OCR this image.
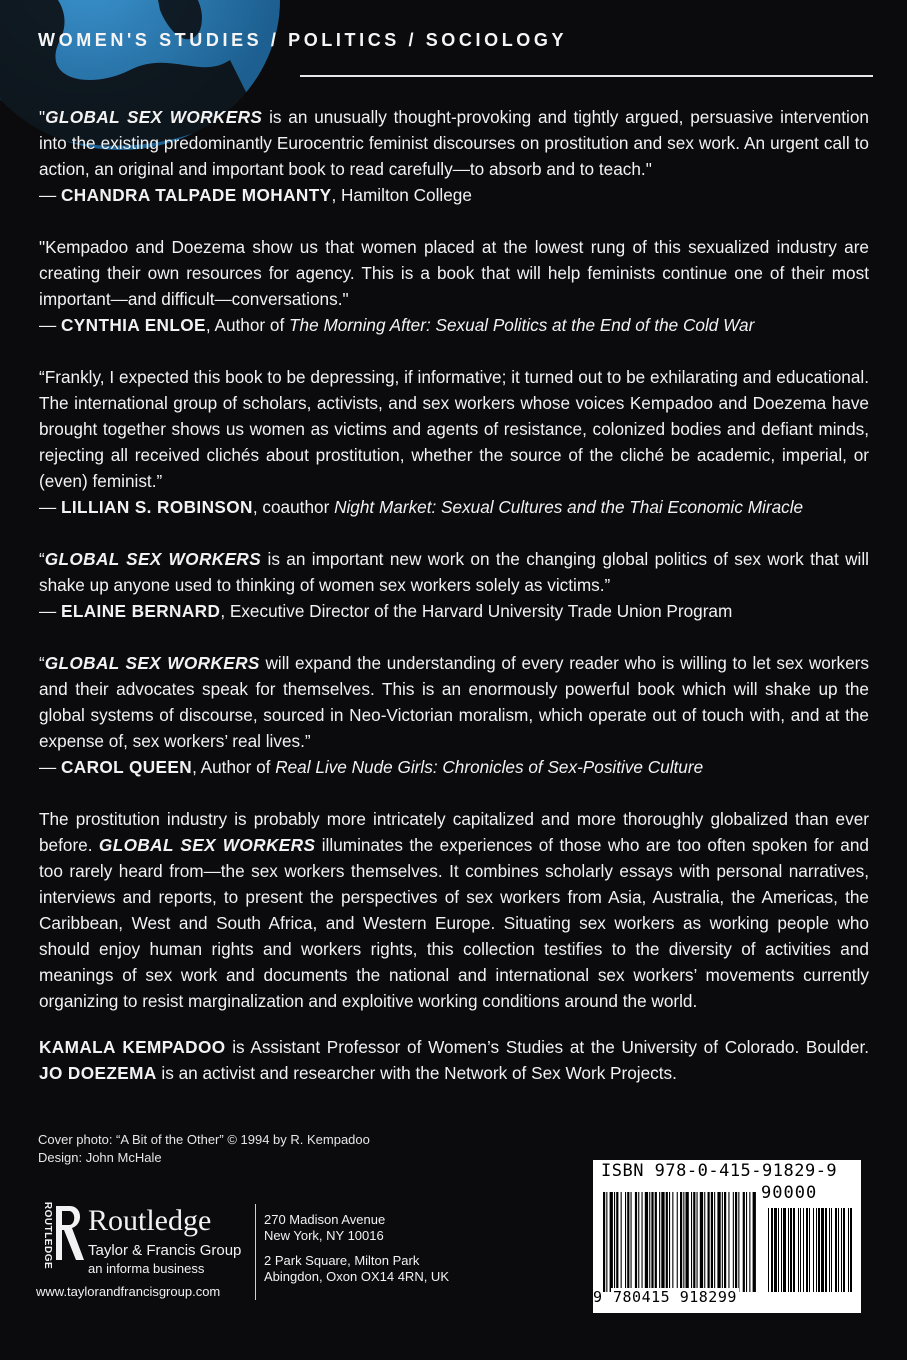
WOMEN'S STUDIES / POLITICS / SOCIOLOGY

"GLOBAL SEX WORKERS is an unusually thought-provoking and tightly argued, persuasive intervention into the existing predominantly Eurocentric feminist discourses on prostitution and sex work. An urgent call to action, an original and important book to read carefully—to absorb and to teach."
— CHANDRA TALPADE MOHANTY, Hamilton College

"Kempadoo and Doezema show us that women placed at the lowest rung of this sexualized industry are creating their own resources for agency. This is a book that will help feminists continue one of their most important—and difficult—conversations."
— CYNTHIA ENLOE, Author of The Morning After: Sexual Politics at the End of the Cold War

“Frankly, I expected this book to be depressing, if informative; it turned out to be exhilarating and educational. The international group of scholars, activists, and sex workers whose voices Kempadoo and Doezema have brought together shows us women as victims and agents of resistance, colonized bodies and defiant minds, rejecting all received clichés about prostitution, whether the source of the cliché be academic, imperial, or (even) feminist.”
— LILLIAN S. ROBINSON, coauthor Night Market: Sexual Cultures and the Thai Economic Miracle

“GLOBAL SEX WORKERS is an important new work on the changing global politics of sex work that will shake up anyone used to thinking of women sex workers solely as victims.”
— ELAINE BERNARD, Executive Director of the Harvard University Trade Union Program

“GLOBAL SEX WORKERS will expand the understanding of every reader who is willing to let sex workers and their advocates speak for themselves. This is an enormously powerful book which will shake up the global systems of discourse, sourced in Neo-Victorian moralism, which operate out of touch with, and at the expense of, sex workers’ real lives.”
— CAROL QUEEN, Author of Real Live Nude Girls: Chronicles of Sex-Positive Culture

The prostitution industry is probably more intricately capitalized and more thoroughly globalized than ever before. GLOBAL SEX WORKERS illuminates the experiences of those who are too often spoken for and too rarely heard from—the sex workers themselves. It combines scholarly essays with personal narratives, interviews and reports, to present the perspectives of sex workers from Asia, Australia, the Americas, the Caribbean, West and South Africa, and Western Europe. Situating sex workers as working people who should enjoy human rights and workers rights, this collection testifies to the diversity of activities and meanings of sex work and documents the national and international sex workers’ movements currently organizing to resist marginalization and exploitive working conditions around the world.

KAMALA KEMPADOO is Assistant Professor of Women’s Studies at the University of Colorado. Boulder. JO DOEZEMA is an activist and researcher with the Network of Sex Work Projects.

Cover photo: “A Bit of the Other” © 1994 by R. Kempadoo
Design: John McHale
ROUTLEDGE Routledge
Taylor & Francis Group
an informa business
www.taylorandfrancisgroup.com
270 Madison Avenue
New York, NY 10016
2 Park Square, Milton Park
Abingdon, Oxon OX14 4RN, UK
ISBN 978-0-415-91829-9
90000
9 780415 918299
